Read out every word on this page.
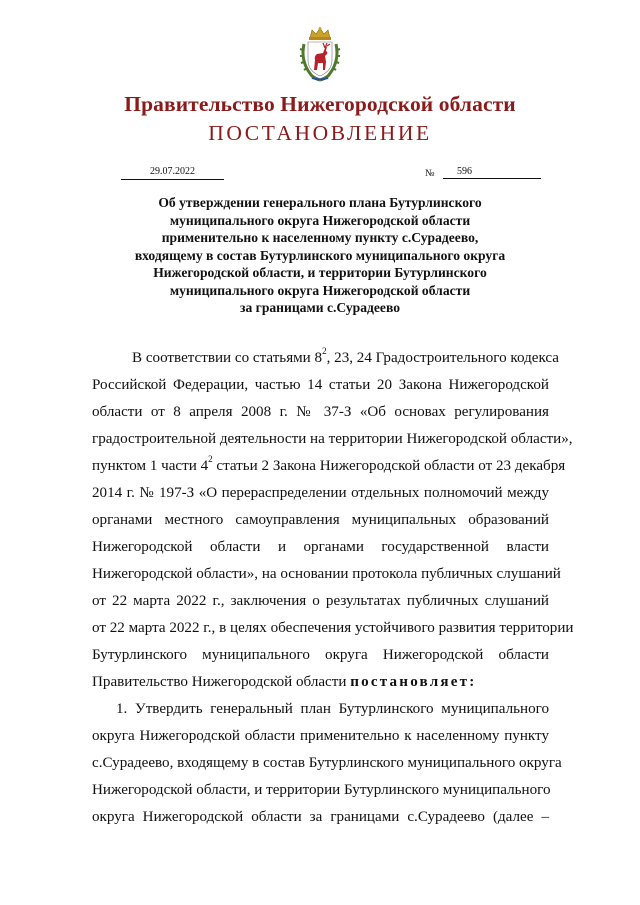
Правительство Нижегородской области
ПОСТАНОВЛЕНИЕ
29.07.2022	№	596
Об утверждении генерального плана Бутурлинского
муниципального округа Нижегородской области
применительно к населенному пункту с.Сурадеево,
входящему в состав Бутурлинского муниципального округа
Нижегородской области, и территории Бутурлинского
муниципального округа Нижегородской области
за границами с.Сурадеево
В соответствии со статьями $8^2$, 23, 24 Градостроительного кодекса
Российской Федерации, частью 14 статьи 20 Закона Нижегородской
области от 8 апреля 2008 г. № 37-З «Об основах регулирования
градостроительной деятельности на территории Нижегородской области»,
пунктом 1 части $4^2$ статьи 2 Закона Нижегородской области от 23 декабря
2014 г. № 197-З «О перераспределении отдельных полномочий между
органами местного самоуправления муниципальных образований
Нижегородской области и органами государственной власти
Нижегородской области», на основании протокола публичных слушаний
от 22 марта 2022 г., заключения о результатах публичных слушаний
от 22 марта 2022 г., в целях обеспечения устойчивого развития территории
Бутурлинского муниципального округа Нижегородской области
Правительство Нижегородской области постановляет:
1. Утвердить генеральный план Бутурлинского муниципального
округа Нижегородской области применительно к населенному пункту
с.Сурадеево, входящему в состав Бутурлинского муниципального округа
Нижегородской области, и территории Бутурлинского муниципального
округа Нижегородской области за границами с.Сурадеево (далее –
